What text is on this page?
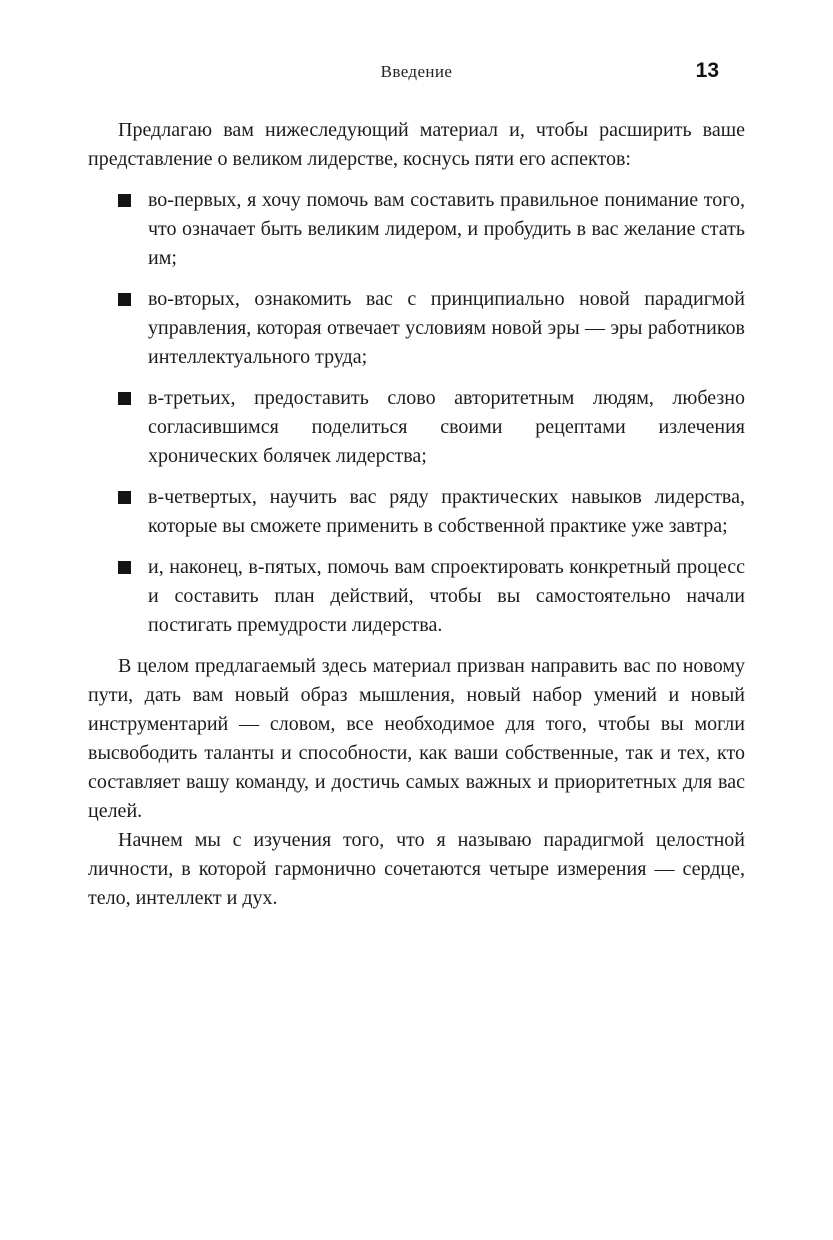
Введение	13

Предлагаю вам нижеследующий материал и, чтобы расширить ваше представление о великом лидерстве, коснусь пяти его аспектов:

во-первых, я хочу помочь вам составить правильное понимание того, что означает быть великим лидером, и пробудить в вас желание стать им;
во-вторых, ознакомить вас с принципиально новой парадигмой управления, которая отвечает условиям новой эры — эры работников интеллектуального труда;
в-третьих, предоставить слово авторитетным людям, любезно согласившимся поделиться своими рецептами излечения хронических болячек лидерства;
в-четвертых, научить вас ряду практических навыков лидерства, которые вы сможете применить в собственной практике уже завтра;
и, наконец, в-пятых, помочь вам спроектировать конкретный процесс и составить план действий, чтобы вы самостоятельно начали постигать премудрости лидерства.

В целом предлагаемый здесь материал призван направить вас по новому пути, дать вам новый образ мышления, новый набор умений и новый инструментарий — словом, все необходимое для того, чтобы вы могли высвободить таланты и способности, как ваши собственные, так и тех, кто составляет вашу команду, и достичь самых важных и приоритетных для вас целей.

Начнем мы с изучения того, что я называю парадигмой целостной личности, в которой гармонично сочетаются четыре измерения — сердце, тело, интеллект и дух.
